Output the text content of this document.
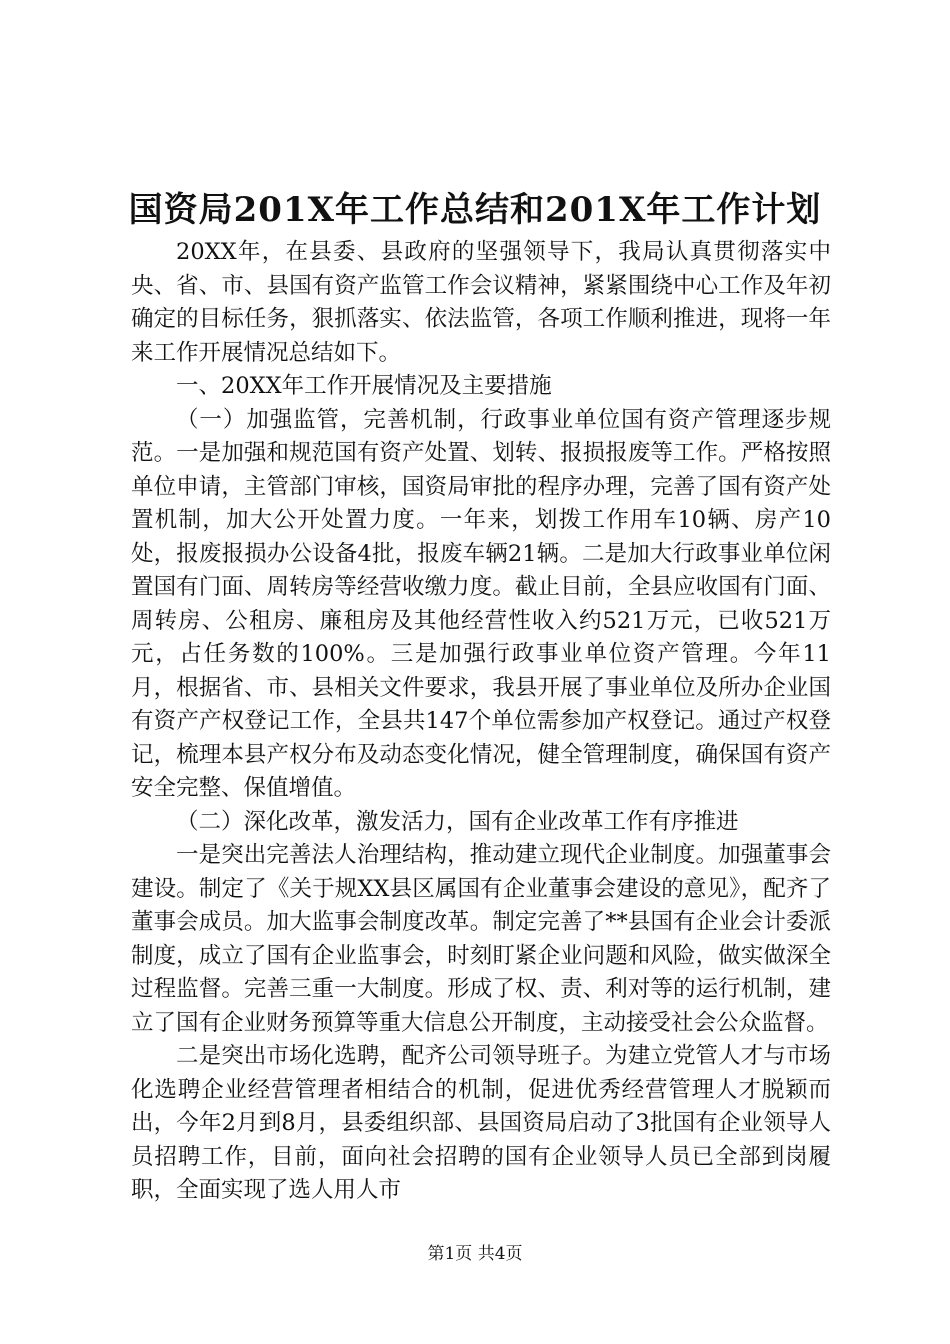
国资局201X年工作总结和201X年工作计划

20XX年，在县委、县政府的坚强领导下，我局认真贯彻落实中央、省、市、县国有资产监管工作会议精神，紧紧围绕中心工作及年初确定的目标任务，狠抓落实、依法监管，各项工作顺利推进，现将一年来工作开展情况总结如下。

一、20XX年工作开展情况及主要措施

（一）加强监管，完善机制，行政事业单位国有资产管理逐步规范。一是加强和规范国有资产处置、划转、报损报废等工作。严格按照单位申请，主管部门审核，国资局审批的程序办理，完善了国有资产处置机制，加大公开处置力度。一年来，划拨工作用车10辆、房产10处，报废报损办公设备4批，报废车辆21辆。二是加大行政事业单位闲置国有门面、周转房等经营收缴力度。截止目前，全县应收国有门面、周转房、公租房、廉租房及其他经营性收入约521万元，已收521万元，占任务数的100%。三是加强行政事业单位资产管理。今年11月，根据省、市、县相关文件要求，我县开展了事业单位及所办企业国有资产产权登记工作，全县共147个单位需参加产权登记。通过产权登记，梳理本县产权分布及动态变化情况，健全管理制度，确保国有资产安全完整、保值增值。

（二）深化改革，激发活力，国有企业改革工作有序推进

一是突出完善法人治理结构，推动建立现代企业制度。加强董事会建设。制定了《关于规XX县区属国有企业董事会建设的意见》，配齐了董事会成员。加大监事会制度改革。制定完善了**县国有企业会计委派制度，成立了国有企业监事会，时刻盯紧企业问题和风险，做实做深全过程监督。完善三重一大制度。形成了权、责、利对等的运行机制，建立了国有企业财务预算等重大信息公开制度，主动接受社会公众监督。

二是突出市场化选聘，配齐公司领导班子。为建立党管人才与市场化选聘企业经营管理者相结合的机制，促进优秀经营管理人才脱颖而出，今年2月到8月，县委组织部、县国资局启动了3批国有企业领导人员招聘工作，目前，面向社会招聘的国有企业领导人员已全部到岗履职，全面实现了选人用人市

第1页 共4页
